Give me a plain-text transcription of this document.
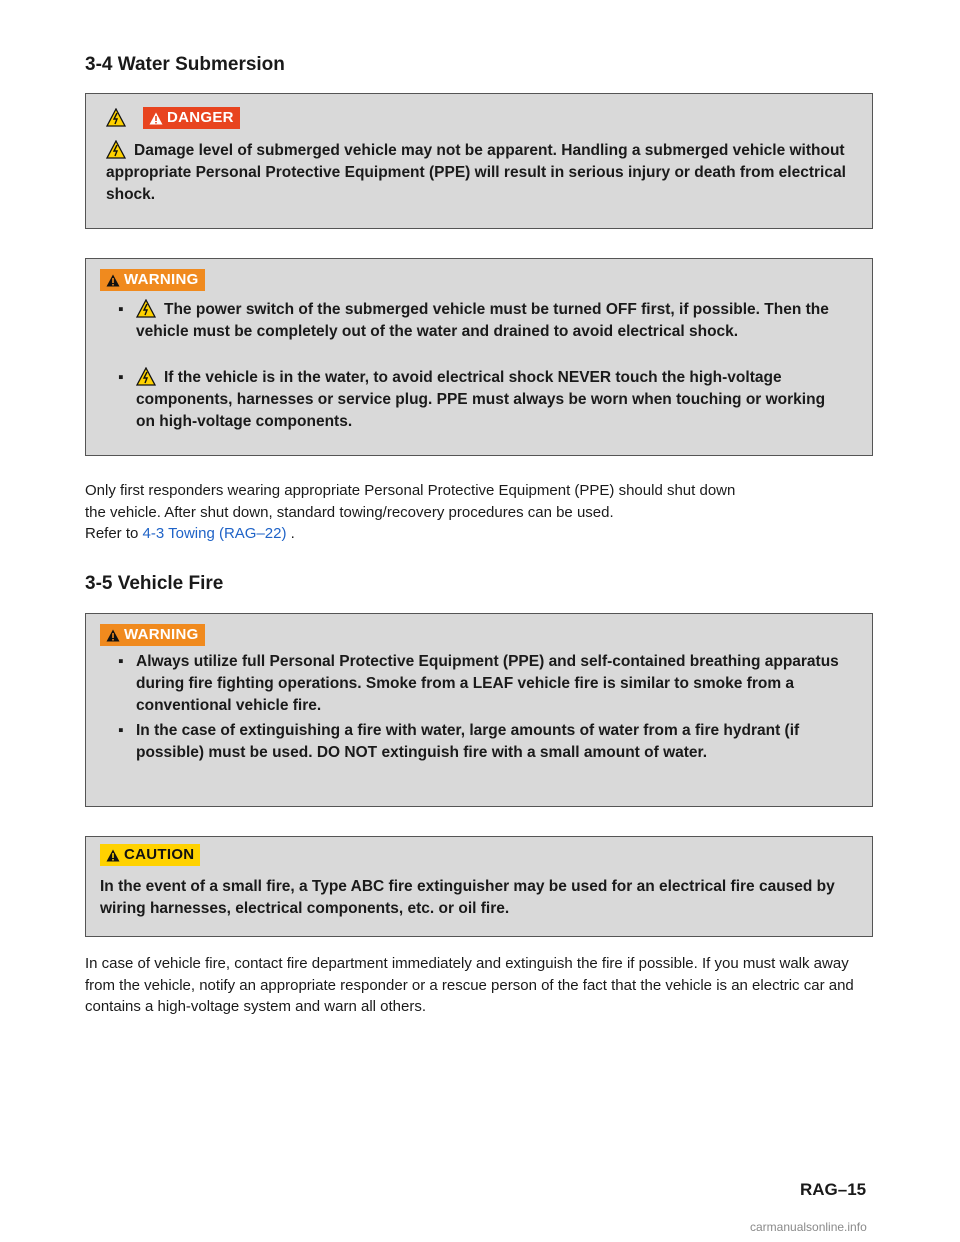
3-4 Water Submersion
DANGER
Damage level of submerged vehicle may not be apparent. Handling a submerged vehicle without appropriate Personal Protective Equipment (PPE) will result in serious injury or death from electrical shock.
WARNING
▪	The power switch of the submerged vehicle must be turned OFF first, if possible. Then the vehicle must be completely out of the water and drained to avoid electrical shock.
▪	If the vehicle is in the water, to avoid electrical shock NEVER touch the high-voltage components, harnesses or service plug. PPE must always be worn when touching or working on high-voltage components.
Only first responders wearing appropriate Personal Protective Equipment (PPE) should shut down
the vehicle. After shut down, standard towing/recovery procedures can be used.
Refer to 4-3 Towing (RAG–22) .
3-5 Vehicle Fire
WARNING
▪ Always utilize full Personal Protective Equipment (PPE) and self-contained breathing apparatus during fire fighting operations. Smoke from a LEAF vehicle fire is similar to smoke from a conventional vehicle fire.
▪ In the case of extinguishing a fire with water, large amounts of water from a fire hydrant (if possible) must be used. DO NOT extinguish fire with a small amount of water.
CAUTION
In the event of a small fire, a Type ABC fire extinguisher may be used for an electrical fire caused by wiring harnesses, electrical components, etc. or oil fire.
In case of vehicle fire, contact fire department immediately and extinguish the fire if possible. If you must walk away from the vehicle, notify an appropriate responder or a rescue person of the fact that the vehicle is an electric car and contains a high-voltage system and warn all others.
RAG–15
carmanualsonline.info
